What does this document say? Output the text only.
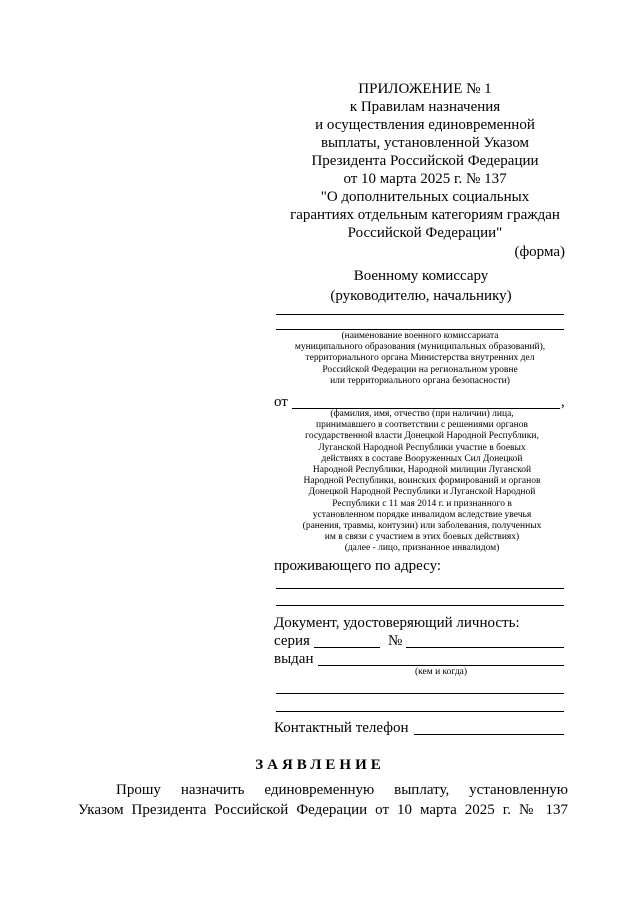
ПРИЛОЖЕНИЕ № 1
к Правилам назначения
и осуществления единовременной
выплаты, установленной Указом
Президента Российской Федерации
от 10 марта 2025 г. № 137
"О дополнительных социальных
гарантиях отдельным категориям граждан
Российской Федерации"
(форма)
Военному комиссару
(руководителю, начальнику)
(наименование военного комиссариата
муниципального образования (муниципальных образований),
территориального органа Министерства внутренних дел
Российской Федерации на региональном уровне
или территориального органа безопасности)
от	,
(фамилия, имя, отчество (при наличии) лица,
принимавшего в соответствии с решениями органов
государственной власти Донецкой Народной Республики,
Луганской Народной Республики участие в боевых
действиях в составе Вооруженных Сил Донецкой
Народной Республики, Народной милиции Луганской
Народной Республики, воинских формирований и органов
Донецкой Народной Республики и Луганской Народной
Республики с 11 мая 2014 г. и признанного в
установленном порядке инвалидом вследствие увечья
(ранения, травмы, контузии) или заболевания, полученных
им в связи с участием в этих боевых действиях)
(далее - лицо, признанное инвалидом)
проживающего по адресу:
Документ, удостоверяющий личность:
серия	№
выдан
(кем и когда)
Контактный телефон
ЗАЯВЛЕНИЕ
Прошу назначить единовременную выплату, установленную
Указом Президента Российской Федерации от 10 марта 2025 г. № 137
